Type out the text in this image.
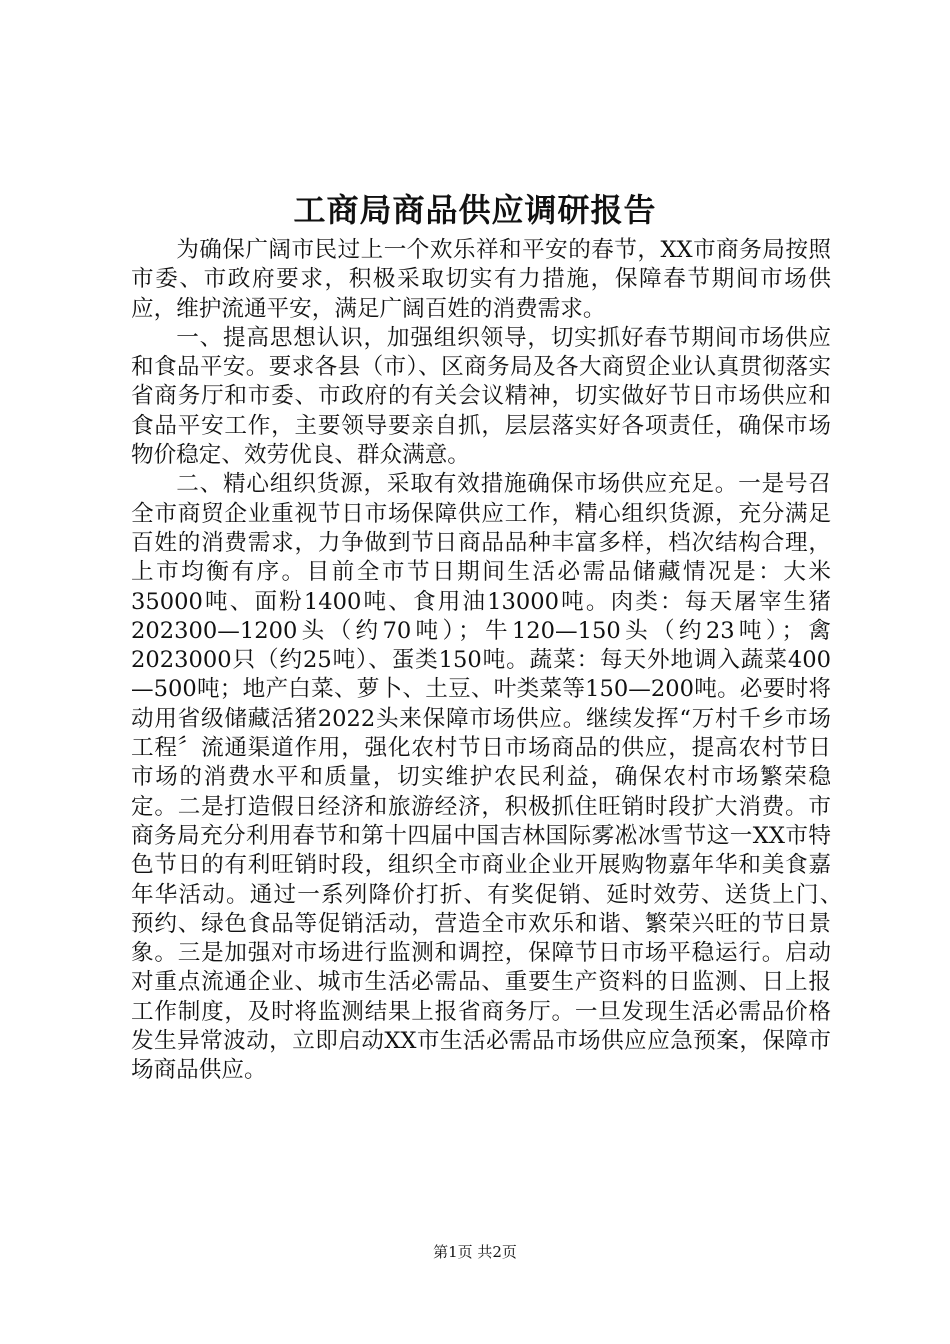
工商局商品供应调研报告

为确保广阔市民过上一个欢乐祥和平安的春节，XX市商务局按照市委、市政府要求，积极采取切实有力措施，保障春节期间市场供应，维护流通平安，满足广阔百姓的消费需求。

一、提高思想认识，加强组织领导，切实抓好春节期间市场供应和食品平安。要求各县（市）、区商务局及各大商贸企业认真贯彻落实省商务厅和市委、市政府的有关会议精神，切实做好节日市场供应和食品平安工作，主要领导要亲自抓，层层落实好各项责任，确保市场物价稳定、效劳优良、群众满意。

二、精心组织货源，采取有效措施确保市场供应充足。一是号召全市商贸企业重视节日市场保障供应工作，精心组织货源，充分满足百姓的消费需求，力争做到节日商品品种丰富多样，档次结构合理，上市均衡有序。目前全市节日期间生活必需品储藏情况是：大米35000吨、面粉1400吨、食用油13000吨。肉类：每天屠宰生猪202300—1200头（约70吨）；牛120—150头（约23吨）；禽2023000只（约25吨）、蛋类150吨。蔬菜：每天外地调入蔬菜400—500吨；地产白菜、萝卜、土豆、叶类菜等150—200吨。必要时将动用省级储藏活猪2022头来保障市场供应。继续发挥“万村千乡市场工程〞流通渠道作用，强化农村节日市场商品的供应，提高农村节日市场的消费水平和质量，切实维护农民利益，确保农村市场繁荣稳定。二是打造假日经济和旅游经济，积极抓住旺销时段扩大消费。市商务局充分利用春节和第十四届中国吉林国际雾凇冰雪节这一XX市特色节日的有利旺销时段，组织全市商业企业开展购物嘉年华和美食嘉年华活动。通过一系列降价打折、有奖促销、延时效劳、送货上门、　　预约、绿色食品等促销活动，营造全市欢乐和谐、繁荣兴旺的节日景象。三是加强对市场进行监测和调控，保障节日市场平稳运行。启动对重点流通企业、城市生活必需品、重要生产资料的日监测、日上报工作制度，及时将监测结果上报省商务厅。一旦发现生活必需品价格发生异常波动，立即启动XX市生活必需品市场供应应急预案，保障市场商品供应。

第1页 共2页
